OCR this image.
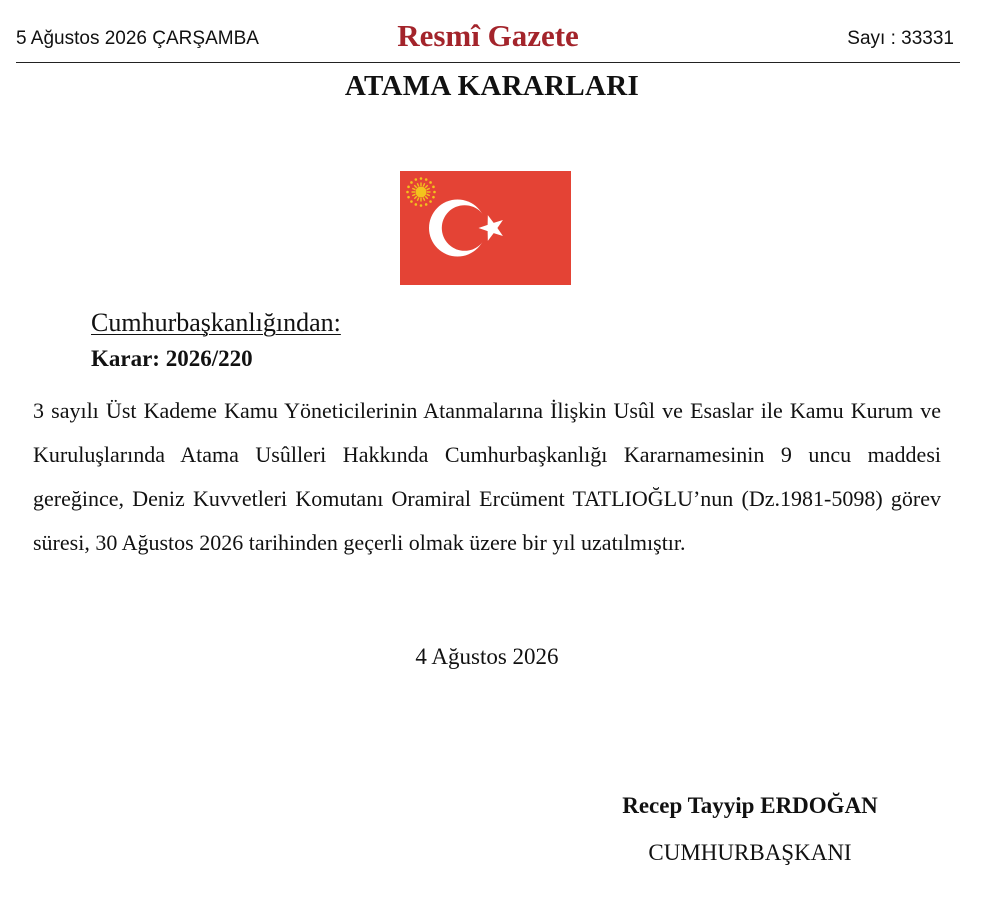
5 Ağustos 2026 ÇARŞAMBA	Resmî Gazete	Sayı : 33331
ATAMA KARARLARI
Cumhurbaşkanlığından:
Karar: 2026/220
3 sayılı Üst Kademe Kamu Yöneticilerinin Atanmalarına İlişkin Usûl ve Esaslar ile Kamu Kurum ve Kuruluşlarında Atama Usûlleri Hakkında Cumhurbaşkanlığı Kararnamesinin 9 uncu maddesi gereğince, Deniz Kuvvetleri Komutanı Oramiral Ercüment TATLIOĞLU’nun (Dz.1981-5098) görev süresi, 30 Ağustos 2026 tarihinden geçerli olmak üzere bir yıl uzatılmıştır.
4 Ağustos 2026
Recep Tayyip ERDOĞAN
CUMHURBAŞKANI
